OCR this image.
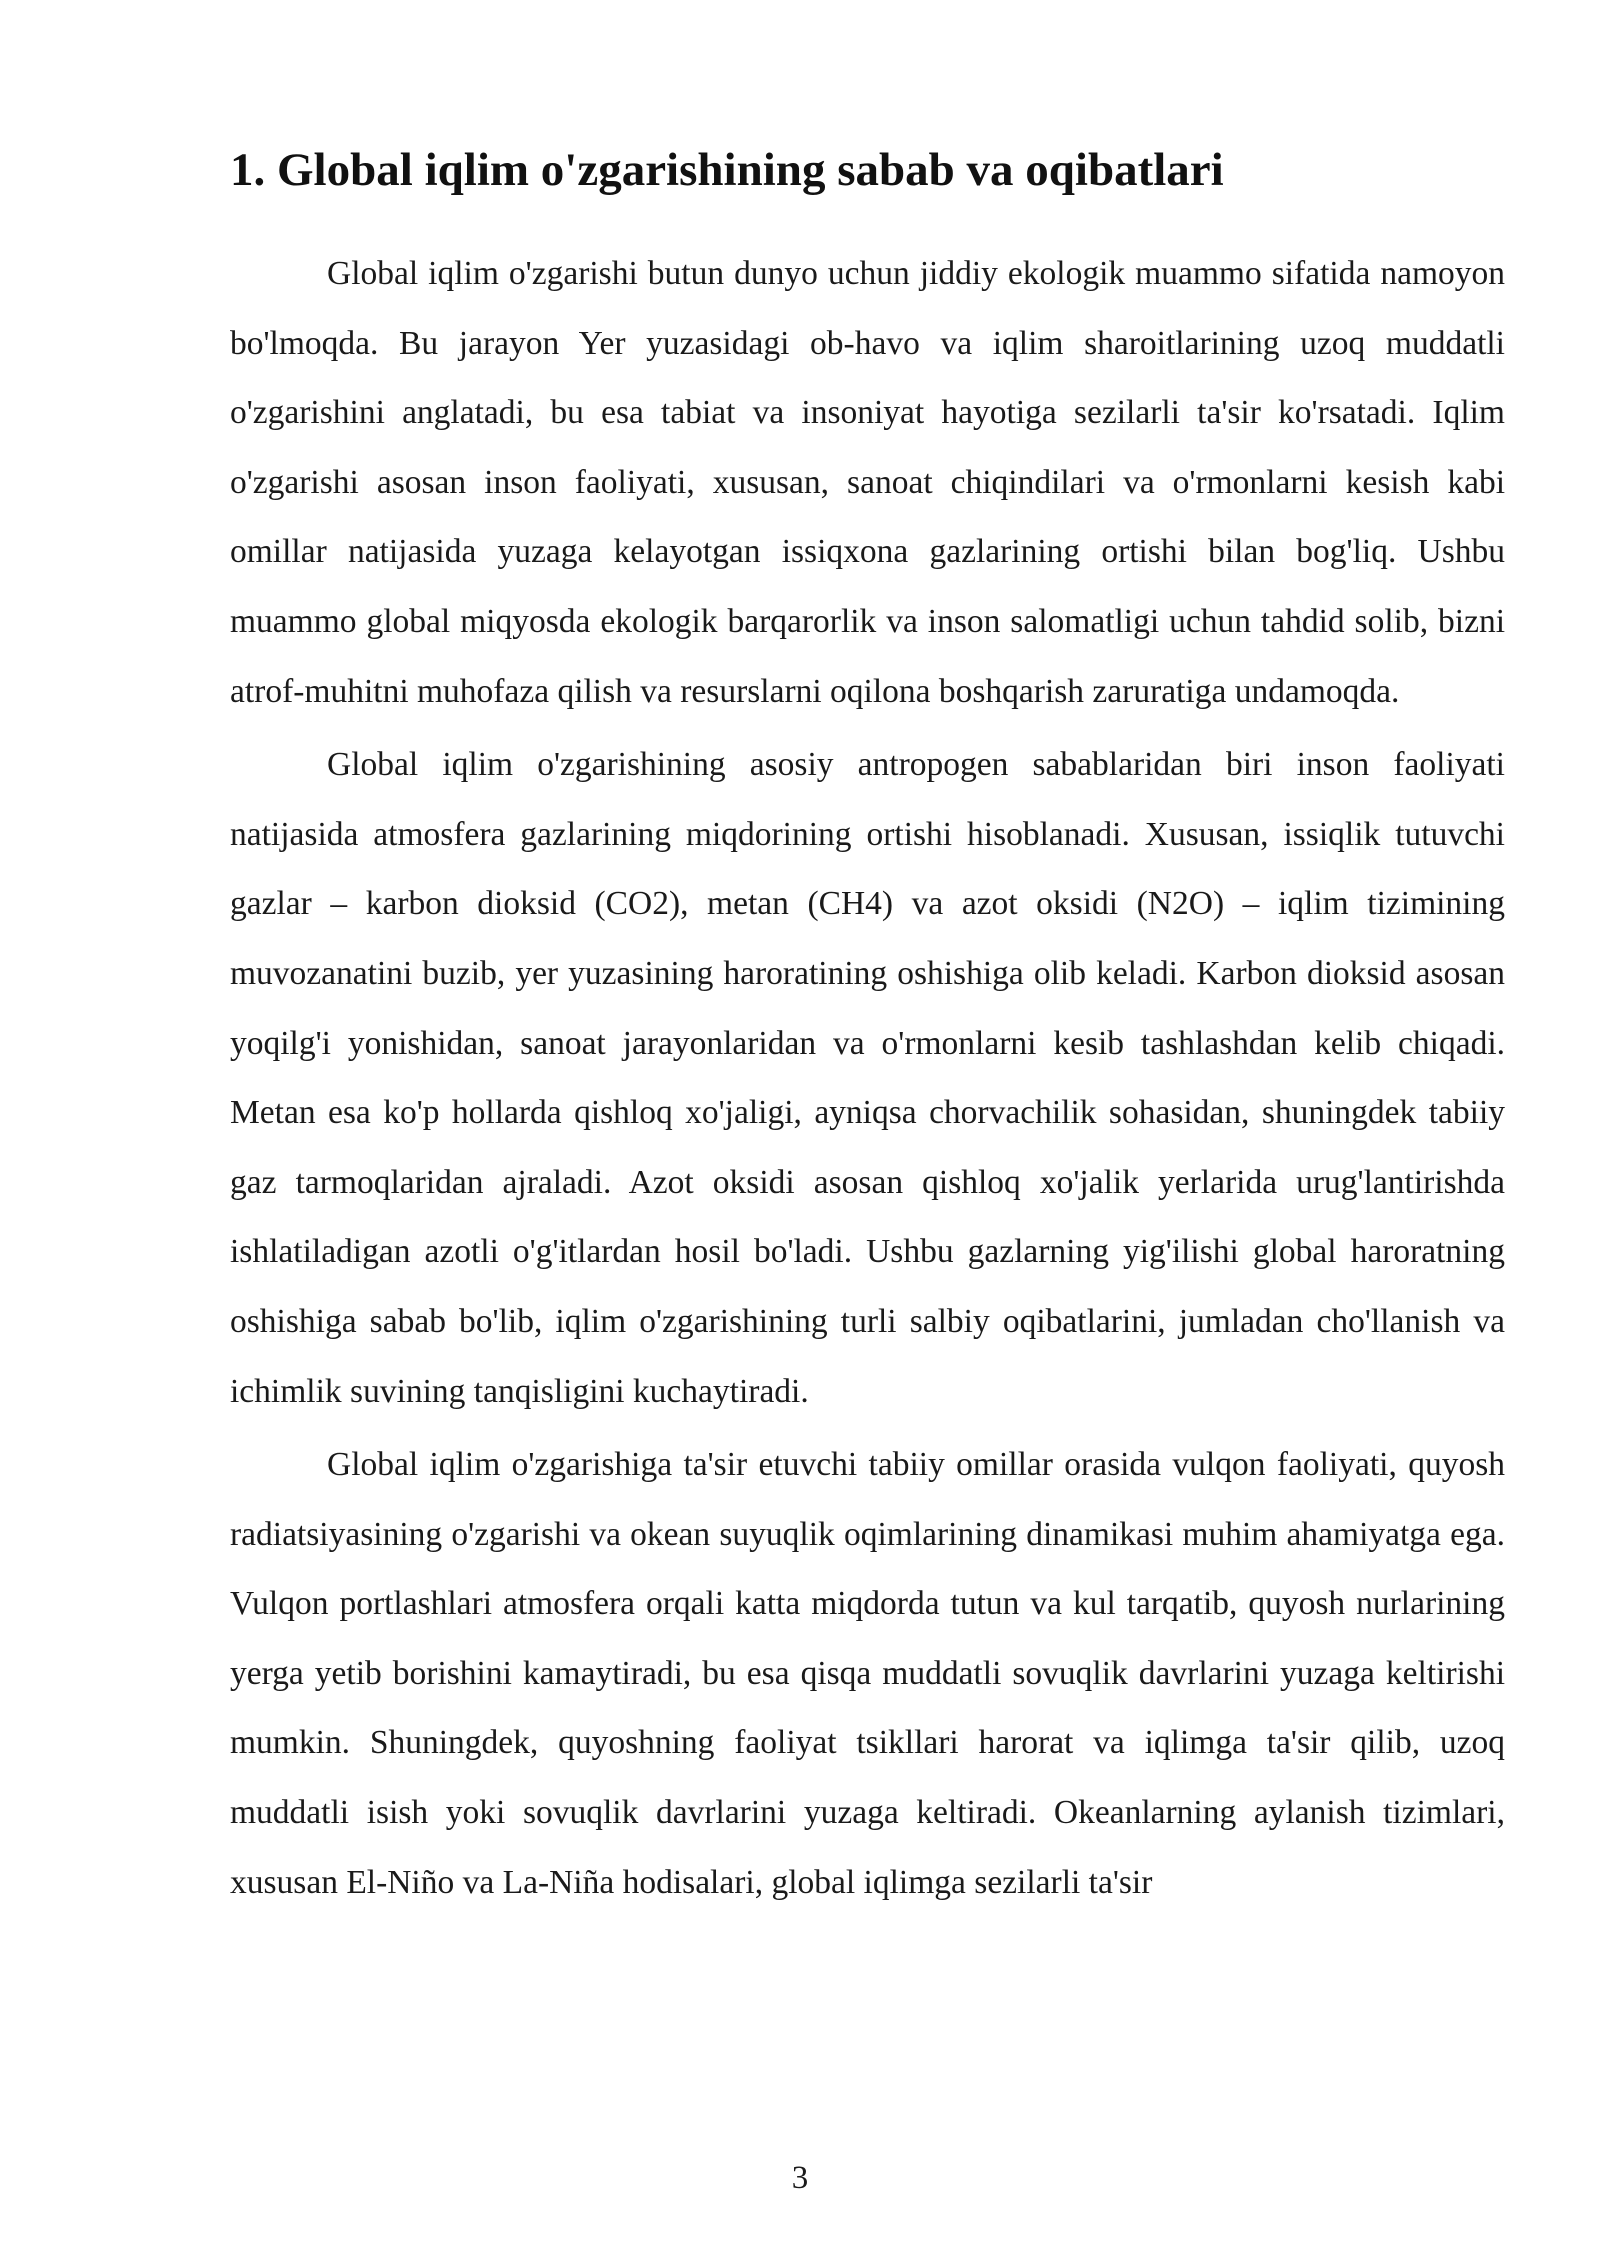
1. Global iqlim o'zgarishining sabab va oqibatlari

Global iqlim o'zgarishi butun dunyo uchun jiddiy ekologik muammo sifatida namoyon bo'lmoqda. Bu jarayon Yer yuzasidagi ob-havo va iqlim sharoitlarining uzoq muddatli o'zgarishini anglatadi, bu esa tabiat va insoniyat hayotiga sezilarli ta'sir ko'rsatadi. Iqlim o'zgarishi asosan inson faoliyati, xususan, sanoat chiqindilari va o'rmonlarni kesish kabi omillar natijasida yuzaga kelayotgan issiqxona gazlarining ortishi bilan bog'liq. Ushbu muammo global miqyosda ekologik barqarorlik va inson salomatligi uchun tahdid solib, bizni atrof-muhitni muhofaza qilish va resurslarni oqilona boshqarish zaruratiga undamoqda.

Global iqlim o'zgarishining asosiy antropogen sabablaridan biri inson faoliyati natijasida atmosfera gazlarining miqdorining ortishi hisoblanadi. Xususan, issiqlik tutuvchi gazlar – karbon dioksid (CO2), metan (CH4) va azot oksidi (N2O) – iqlim tizimining muvozanatini buzib, yer yuzasining haroratining oshishiga olib keladi. Karbon dioksid asosan yoqilg'i yonishidan, sanoat jarayonlaridan va o'rmonlarni kesib tashlashdan kelib chiqadi. Metan esa ko'p hollarda qishloq xo'jaligi, ayniqsa chorvachilik sohasidan, shuningdek tabiiy gaz tarmoqlaridan ajraladi. Azot oksidi asosan qishloq xo'jalik yerlarida urug'lantirishda ishlatiladigan azotli o'g'itlardan hosil bo'ladi. Ushbu gazlarning yig'ilishi global haroratning oshishiga sabab bo'lib, iqlim o'zgarishining turli salbiy oqibatlarini, jumladan cho'llanish va ichimlik suvining tanqisligini kuchaytiradi.

Global iqlim o'zgarishiga ta'sir etuvchi tabiiy omillar orasida vulqon faoliyati, quyosh radiatsiyasining o'zgarishi va okean suyuqlik oqimlarining dinamikasi muhim ahamiyatga ega. Vulqon portlashlari atmosfera orqali katta miqdorda tutun va kul tarqatib, quyosh nurlarining yerga yetib borishini kamaytiradi, bu esa qisqa muddatli sovuqlik davrlarini yuzaga keltirishi mumkin. Shuningdek, quyoshning faoliyat tsikllari harorat va iqlimga ta'sir qilib, uzoq muddatli isish yoki sovuqlik davrlarini yuzaga keltiradi. Okeanlarning aylanish tizimlari, xususan El-Niño va La-Niña hodisalari, global iqlimga sezilarli ta'sir

3
